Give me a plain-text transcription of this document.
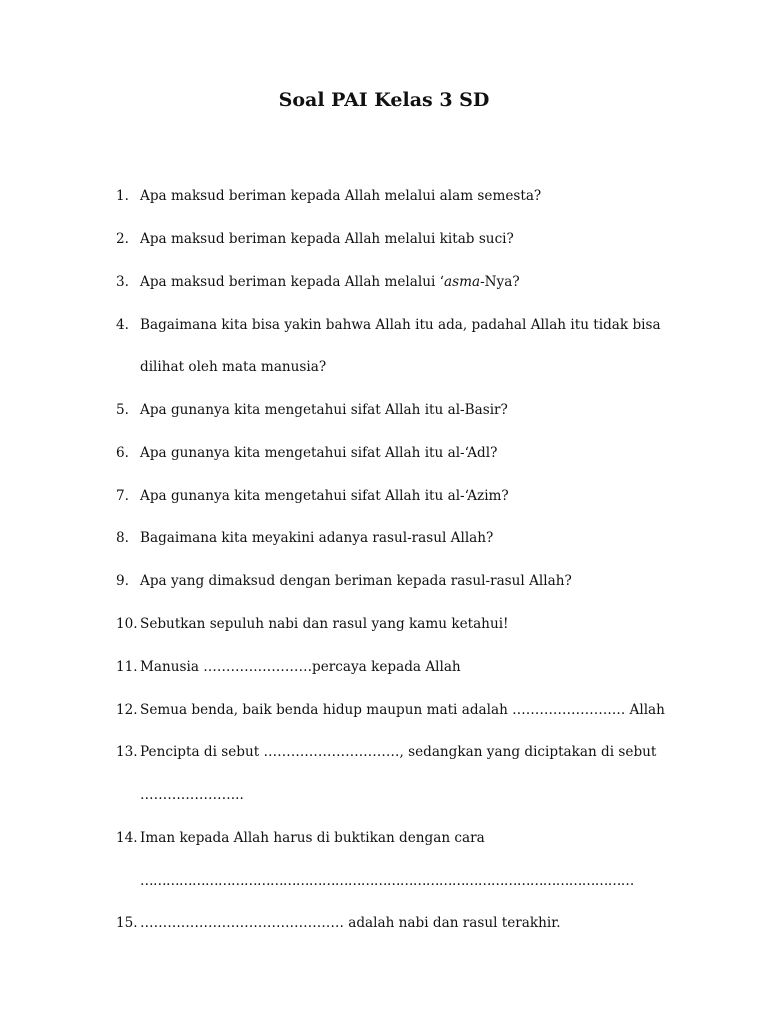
Soal PAI Kelas 3 SD
1. Apa maksud beriman kepada Allah melalui alam semesta?
2. Apa maksud beriman kepada Allah melalui kitab suci?
3. Apa maksud beriman kepada Allah melalui ‘asma-Nya?
4. Bagaimana kita bisa yakin bahwa Allah itu ada, padahal Allah itu tidak bisa
dilihat oleh mata manusia?
5. Apa gunanya kita mengetahui sifat Allah itu al-Basir?
6. Apa gunanya kita mengetahui sifat Allah itu al-‘Adl?
7. Apa gunanya kita mengetahui sifat Allah itu al-‘Azim?
8. Bagaimana kita meyakini adanya rasul-rasul Allah?
9. Apa yang dimaksud dengan beriman kepada rasul-rasul Allah?
10. Sebutkan sepuluh nabi dan rasul yang kamu ketahui!
11. Manusia ……………………percaya kepada Allah
12. Semua benda, baik benda hidup maupun mati adalah ……………………. Allah
13. Pencipta di sebut …………………………, sedangkan yang diciptakan di sebut
…………………..
14. Iman kepada Allah harus di buktikan dengan cara
……………………………………………………………………………………………………
15. ……………………………………… adalah nabi dan rasul terakhir.
